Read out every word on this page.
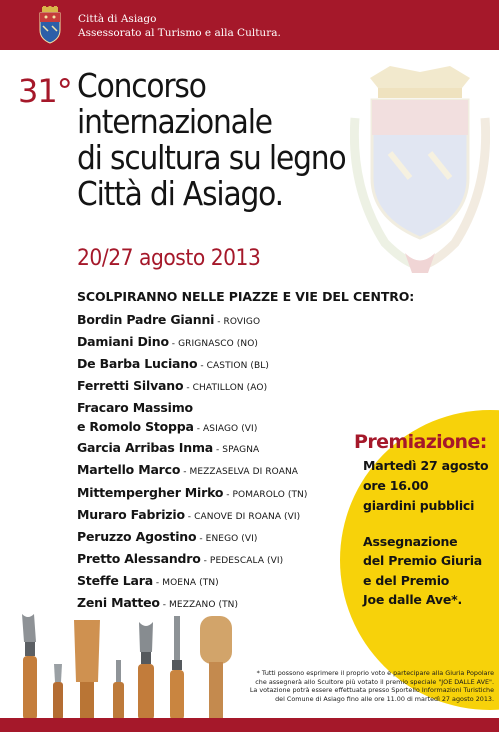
Città di Asiago
Assessorato al Turismo e alla Cultura.
31° Concorso
internazionale
di scultura su legno
Città di Asiago.
20/27 agosto 2013
SCOLPIRANNO NELLE PIAZZE E VIE DEL CENTRO:
Bordin Padre Gianni - ROVIGO
Damiani Dino - GRIGNASCO (NO)
De Barba Luciano - CASTION (BL)
Ferretti Silvano - CHATILLON (AO)
Fracaro Massimo
e Romolo Stoppa - ASIAGO (VI)
Garcia Arribas Inma - SPAGNA
Martello Marco - MEZZASELVA DI ROANA
Mittempergher Mirko - POMAROLO (TN)
Muraro Fabrizio - CANOVE DI ROANA (VI)
Peruzzo Agostino - ENEGO (VI)
Pretto Alessandro - PEDESCALA (VI)
Steffe Lara - MOENA (TN)
Zeni Matteo - MEZZANO (TN)
Premiazione:
Martedì 27 agosto
ore 16.00
giardini pubblici
Assegnazione
del Premio Giuria
e del Premio
Joe dalle Ave*.
* Tutti possono esprimere il proprio voto e partecipare alla Giuria Popolare
che assegnerà allo Scultore più votato il premio speciale "JOE DALLE AVE".
La votazione potrà essere effettuata presso Sportello Informazioni Turistiche
del Comune di Asiago fino alle ore 11.00 di martedì 27 agosto 2013.
